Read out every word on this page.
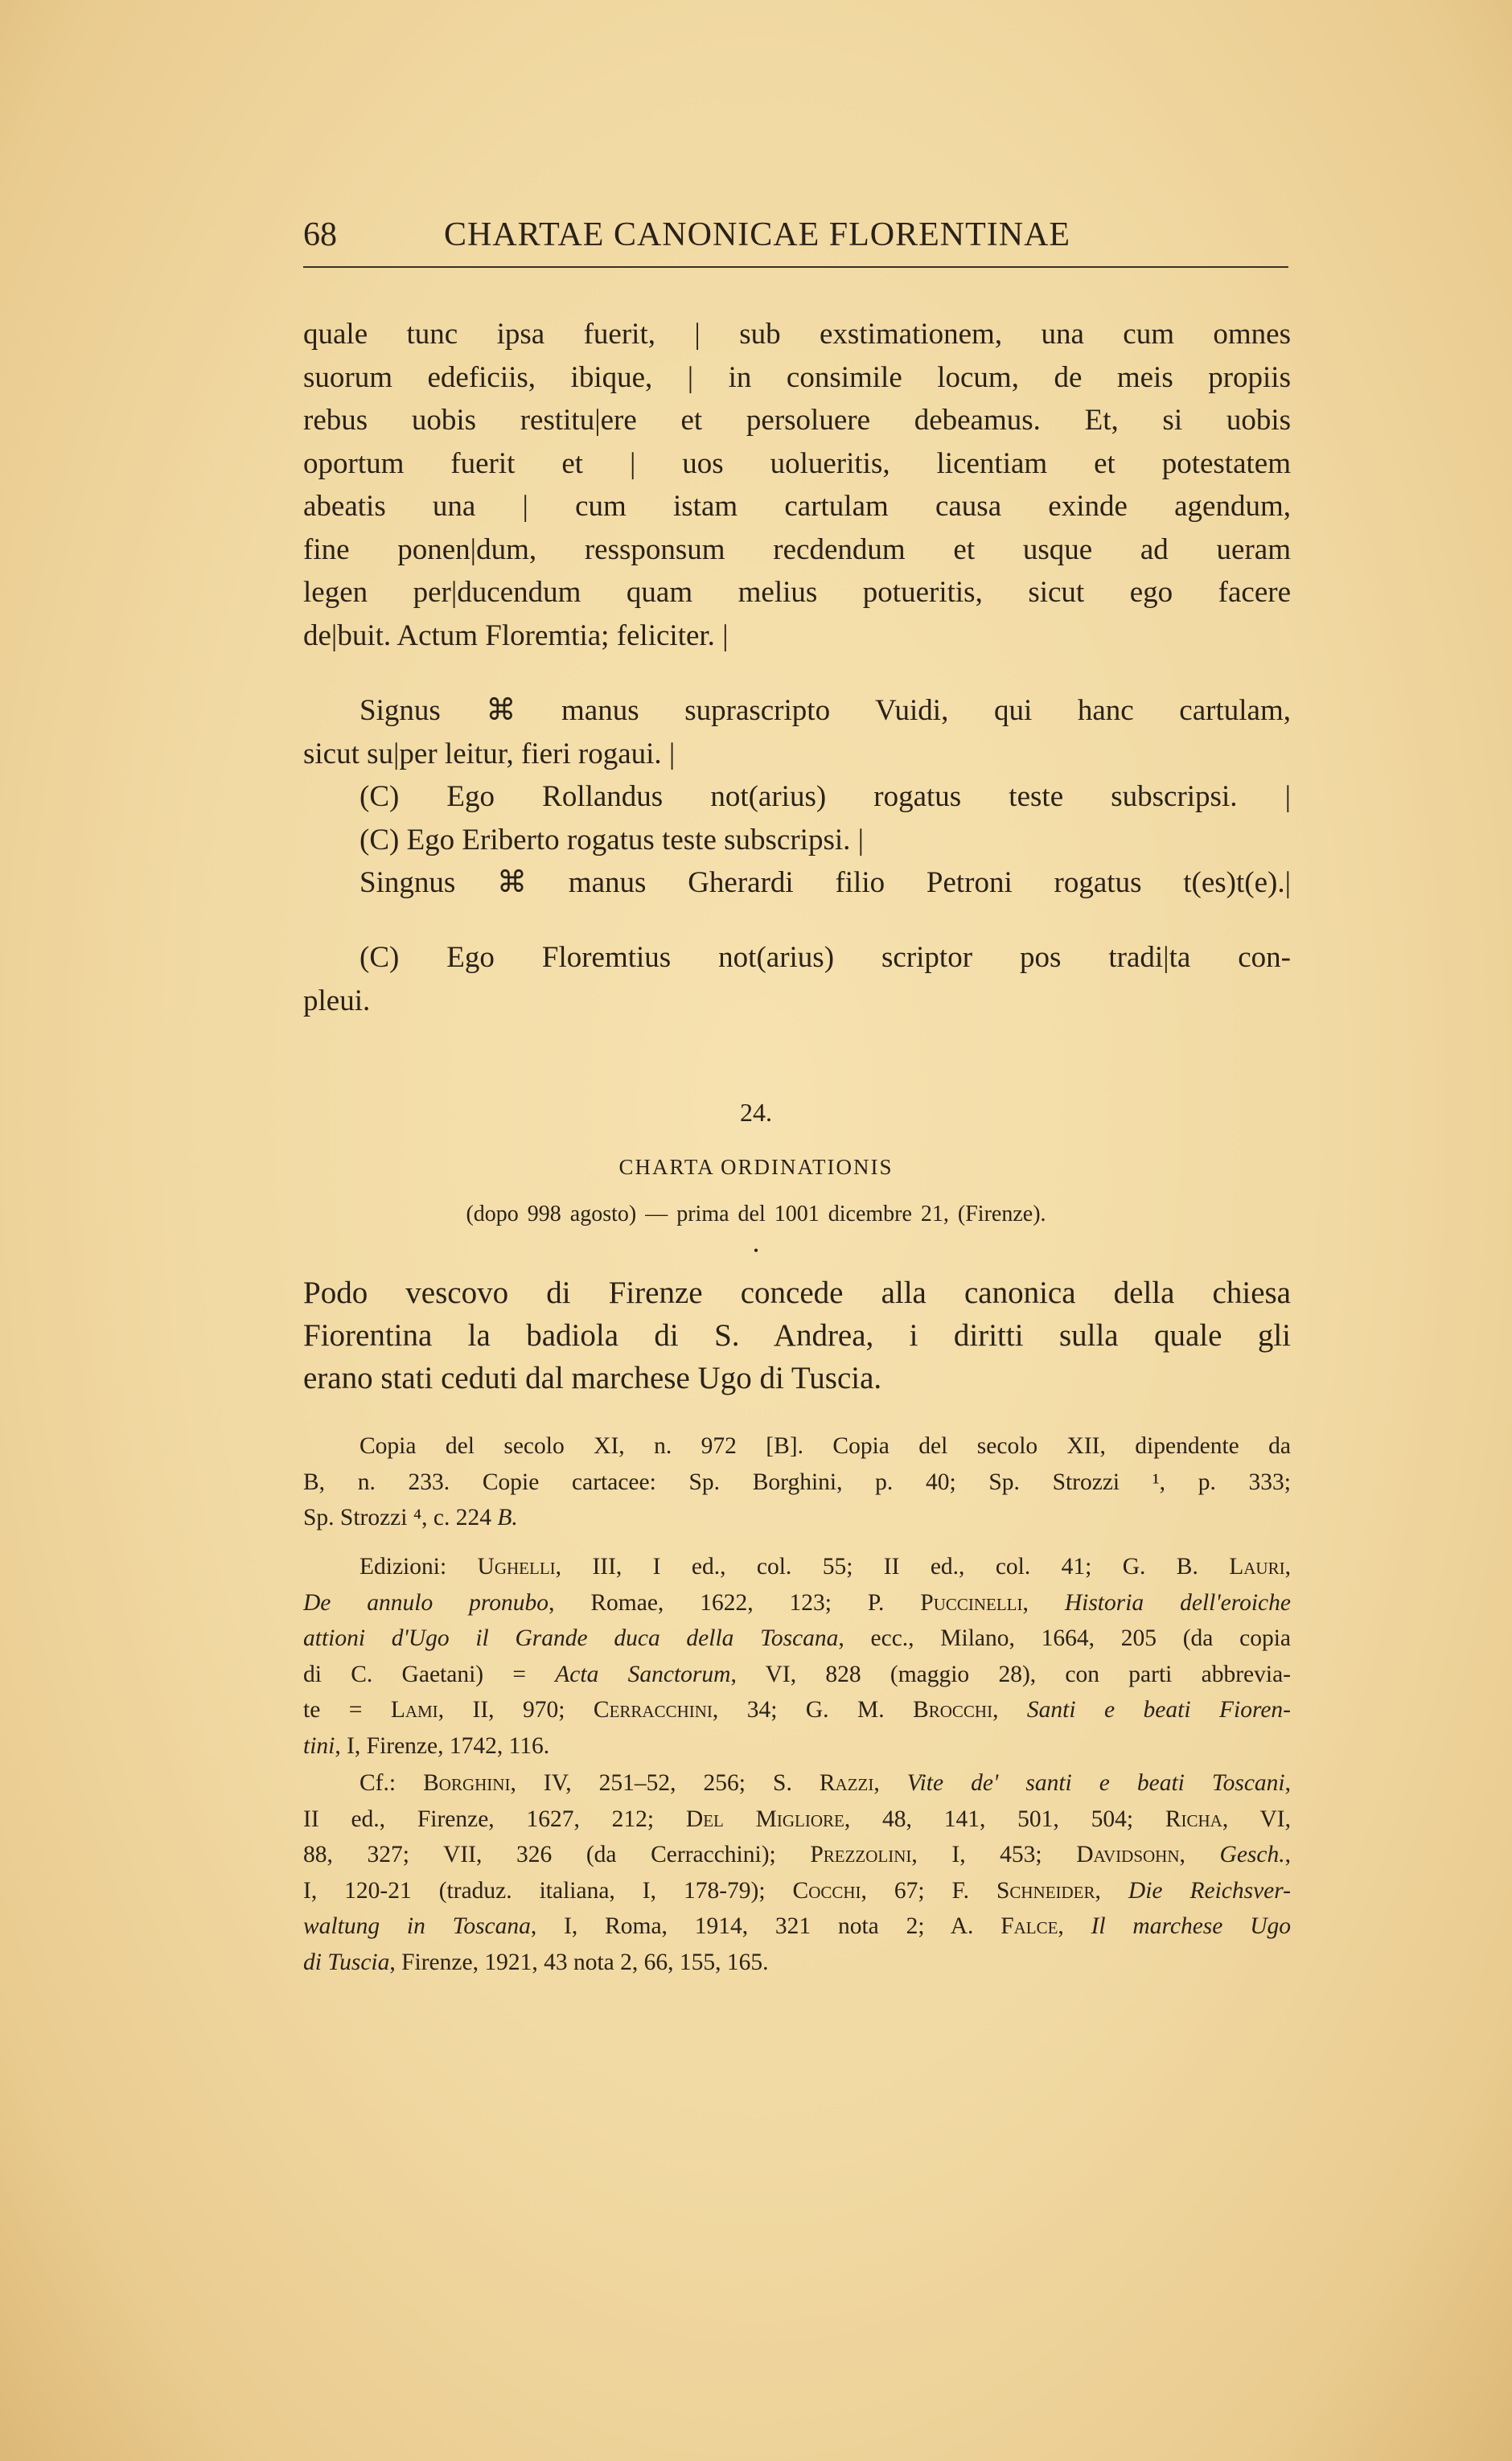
68	CHARTAE CANONICAE FLORENTINAE
quale tunc ipsa fuerit, | sub exstimationem, una cum omnes
suorum edeficiis, ibique, | in consimile locum, de meis propiis
rebus uobis restitu|ere et persoluere debeamus. Et, si uobis
oportum fuerit et | uos uolueritis, licentiam et potestatem
abeatis una | cum istam cartulam causa exinde agendum,
fine ponen|dum, ressponsum recdendum et usque ad ueram
legen per|ducendum quam melius potueritis, sicut ego facere
de|buit. Actum Floremtia; feliciter. |
Signus ⌘ manus suprascripto Vuidi, qui hanc cartulam,
sicut su|per leitur, fieri rogaui. |
(C) Ego Rollandus not(arius) rogatus teste subscripsi. |
(C) Ego Eriberto rogatus teste subscripsi. |
Singnus ⌘ manus Gherardi filio Petroni rogatus t(es)t(e).|
(C) Ego Floremtius not(arius) scriptor pos tradi|ta con-
pleui.
24.
CHARTA ORDINATIONIS
(dopo 998 agosto) — prima del 1001 dicembre 21, (Firenze).
•
Podo vescovo di Firenze concede alla canonica della chiesa
Fiorentina la badiola di S. Andrea, i diritti sulla quale gli
erano stati ceduti dal marchese Ugo di Tuscia.
Copia del secolo XI, n. 972 [B]. Copia del secolo XII, dipendente da
B, n. 233. Copie cartacee: Sp. Borghini, p. 40; Sp. Strozzi ¹, p. 333;
Sp. Strozzi ⁴, c. 224 B.
Edizioni: Ughelli, III, I ed., col. 55; II ed., col. 41; G. B. Lauri,
De annulo pronubo, Romae, 1622, 123; P. Puccinelli, Historia dell'eroiche
attioni d'Ugo il Grande duca della Toscana, ecc., Milano, 1664, 205 (da copia
di C. Gaetani) = Acta Sanctorum, VI, 828 (maggio 28), con parti abbrevia-
te = Lami, II, 970; Cerracchini, 34; G. M. Brocchi, Santi e beati Fioren-
tini, I, Firenze, 1742, 116.
Cf.: Borghini, IV, 251–52, 256; S. Razzi, Vite de' santi e beati Toscani,
II ed., Firenze, 1627, 212; Del Migliore, 48, 141, 501, 504; Richa, VI,
88, 327; VII, 326 (da Cerracchini); Prezzolini, I, 453; Davidsohn, Gesch.,
I, 120-21 (traduz. italiana, I, 178-79); Cocchi, 67; F. Schneider, Die Reichsver-
waltung in Toscana, I, Roma, 1914, 321 nota 2; A. Falce, Il marchese Ugo
di Tuscia, Firenze, 1921, 43 nota 2, 66, 155, 165.
